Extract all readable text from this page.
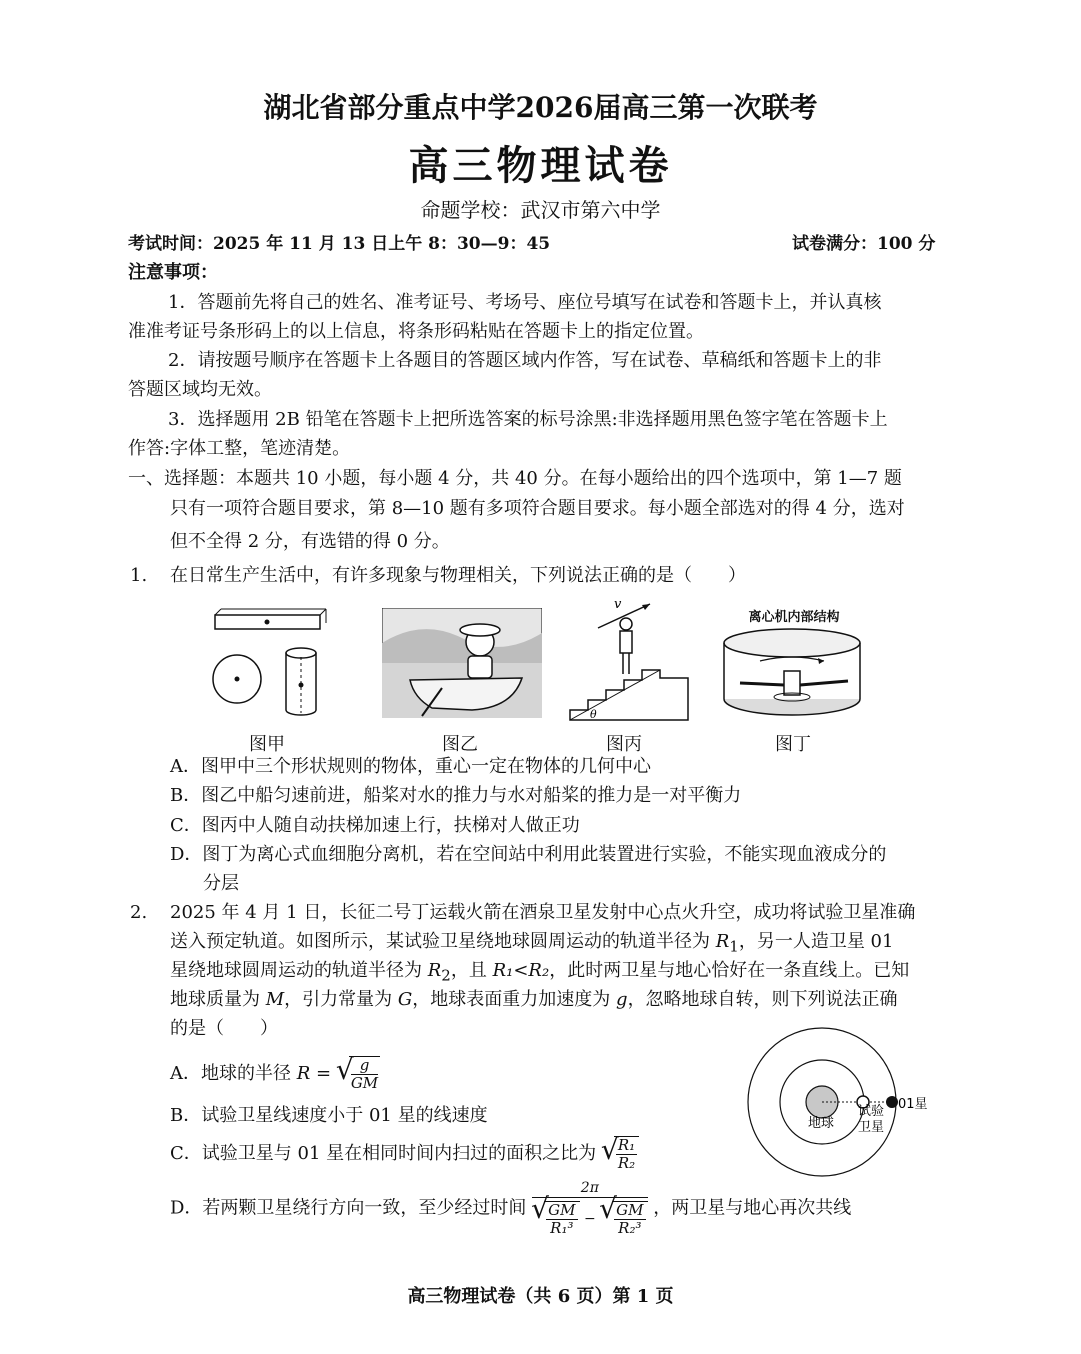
湖北省部分重点中学2026届高三第一次联考
高三物理试卷
命题学校：武汉市第六中学
考试时间：2025 年 11 月 13 日上午 8：30—9：45	试卷满分：100 分
注意事项：
1．答题前先将自己的姓名、准考证号、考场号、座位号填写在试卷和答题卡上，并认真核
准准考证号条形码上的以上信息，将条形码粘贴在答题卡上的指定位置。
2．请按题号顺序在答题卡上各题目的答题区域内作答，写在试卷、草稿纸和答题卡上的非
答题区域均无效。
3．选择题用 2B 铅笔在答题卡上把所选答案的标号涂黑:非选择题用黑色签字笔在答题卡上
作答:字体工整，笔迹清楚。
一、选择题：本题共 10 小题，每小题 4 分，共 40 分。在每小题给出的四个选项中，第 1—7 题
只有一项符合题目要求，第 8—10 题有多项符合题目要求。每小题全部选对的得 4 分，选对
但不全得 2 分，有选错的得 0 分。
1. 在日常生产生活中，有许多现象与物理相关，下列说法正确的是（　　）
v
θ
离心机内部结构
图甲	图乙	图丙	图丁
A．图甲中三个形状规则的物体，重心一定在物体的几何中心
B．图乙中船匀速前进，船桨对水的推力与水对船桨的推力是一对平衡力
C．图丙中人随自动扶梯加速上行，扶梯对人做正功
D．图丁为离心式血细胞分离机，若在空间站中利用此装置进行实验，不能实现血液成分的
分层
2. 2025 年 4 月 1 日，长征二号丁运载火箭在酒泉卫星发射中心点火升空，成功将试验卫星准确
送入预定轨道。如图所示，某试验卫星绕地球圆周运动的轨道半径为 $R_1$，另一人造卫星 01
星绕地球圆周运动的轨道半径为 $R_2$，且 R₁<R₂，此时两卫星与地心恰好在一条直线上。已知
地球质量为 M，引力常量为 G，地球表面重力加速度为 g，忽略地球自转，则下列说法正确
的是（　　）
A．地球的半径 R = √ $\frac{g}{GM}$
B．试验卫星线速度小于 01 星的线速度
C．试验卫星与 01 星在相同时间内扫过的面积之比为 √ $\frac{\text{R₁}}{\text{R₂}}$
D．若两颗卫星绕行方向一致，至少经过时间 2π
√ $\frac{GM}{\text{R₁³}}$ − √ $\frac{GM}{\text{R₂³}}$ ，两卫星与地心再次共线
地球
试验
卫星
01星
高三物理试卷（共 6 页）第 1 页
